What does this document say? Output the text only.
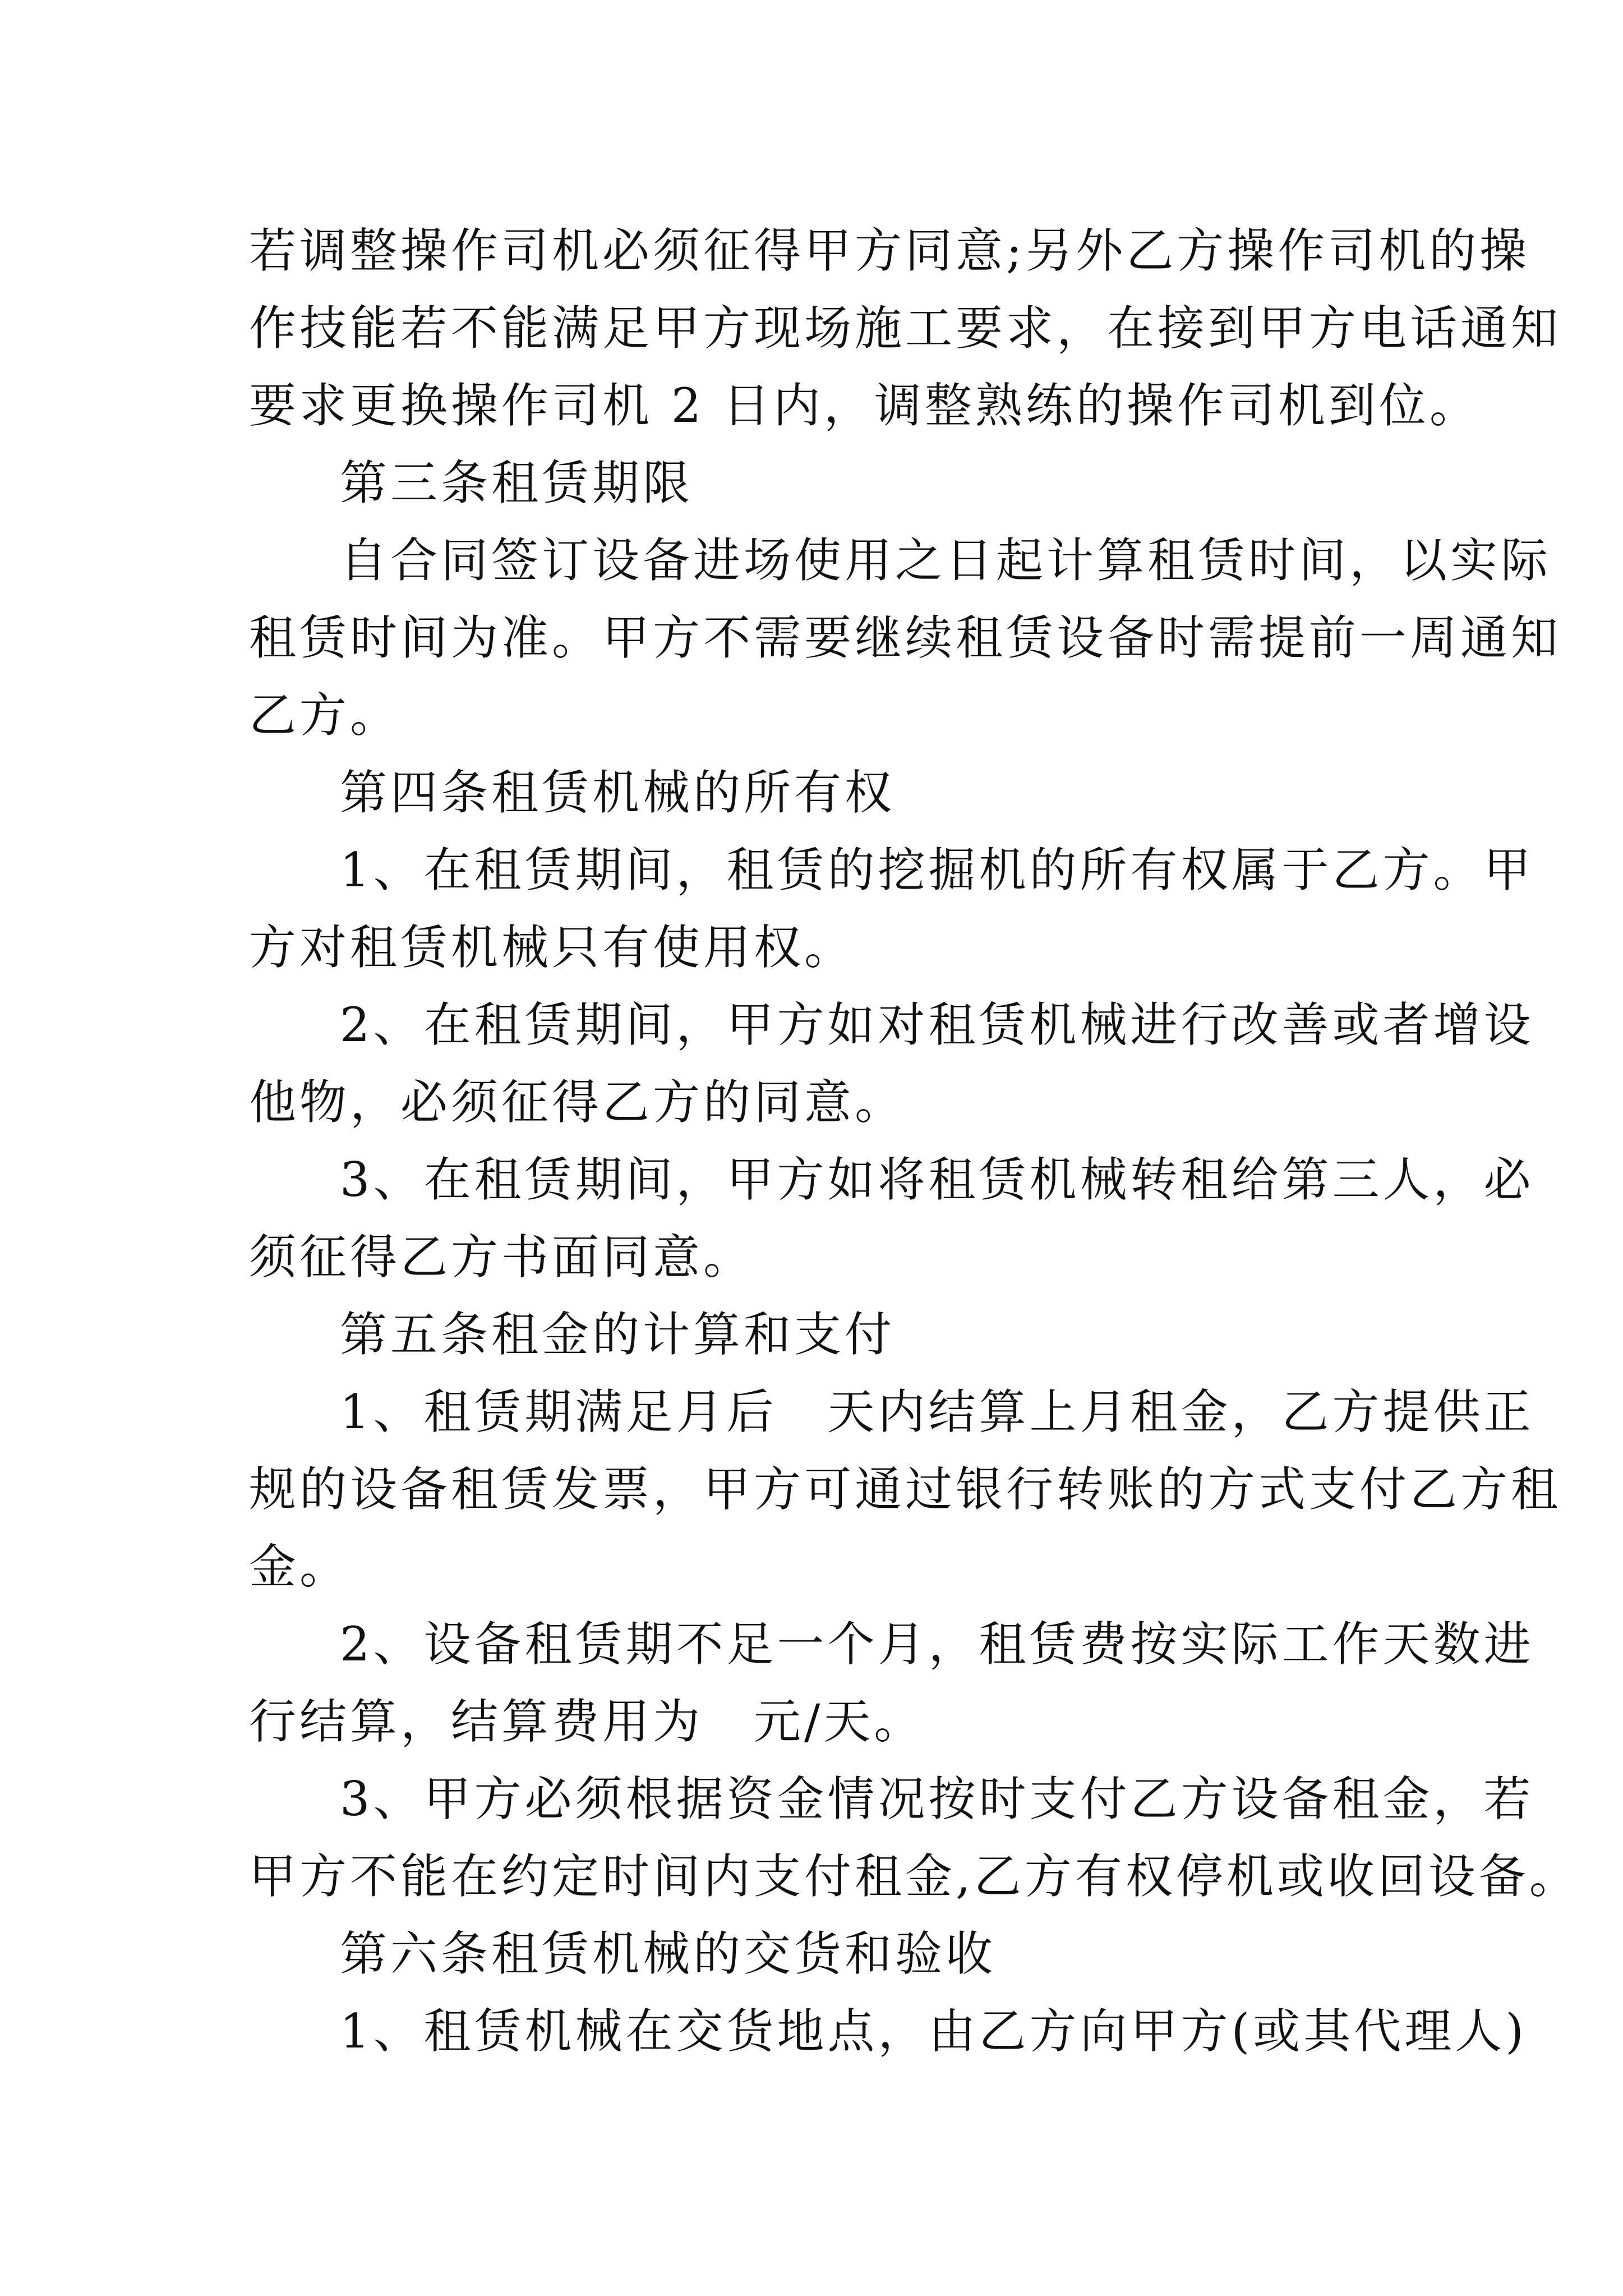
若调整操作司机必须征得甲方同意;另外乙方操作司机的操
作技能若不能满足甲方现场施工要求，在接到甲方电话通知
要求更换操作司机 2 日内，调整熟练的操作司机到位。
第三条租赁期限
自合同签订设备进场使用之日起计算租赁时间，以实际
租赁时间为准。甲方不需要继续租赁设备时需提前一周通知
乙方。
第四条租赁机械的所有权
1、在租赁期间，租赁的挖掘机的所有权属于乙方。甲
方对租赁机械只有使用权。
2、在租赁期间，甲方如对租赁机械进行改善或者增设
他物，必须征得乙方的同意。
3、在租赁期间，甲方如将租赁机械转租给第三人，必
须征得乙方书面同意。
第五条租金的计算和支付
1、租赁期满足月后　天内结算上月租金，乙方提供正
规的设备租赁发票，甲方可通过银行转账的方式支付乙方租
金。
2、设备租赁期不足一个月，租赁费按实际工作天数进
行结算，结算费用为　元/天。
3、甲方必须根据资金情况按时支付乙方设备租金，若
甲方不能在约定时间内支付租金,乙方有权停机或收回设备。
第六条租赁机械的交货和验收
1、租赁机械在交货地点，由乙方向甲方(或其代理人)
